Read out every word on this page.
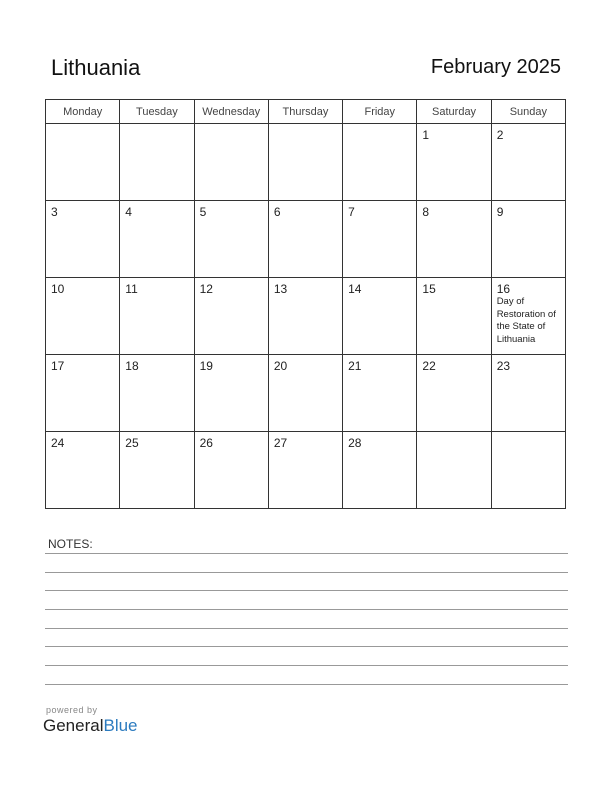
Lithuania	February 2025
Monday	Tuesday	Wednesday	Thursday	Friday	Saturday	Sunday

					1	2

3	4	5	6	7	8	9

10	11	12	13	14	15	16
Day of Restoration of the State of Lithuania

17	18	19	20	21	22	23

24	25	26	27	28		

NOTES:
powered by
GeneralBlue
